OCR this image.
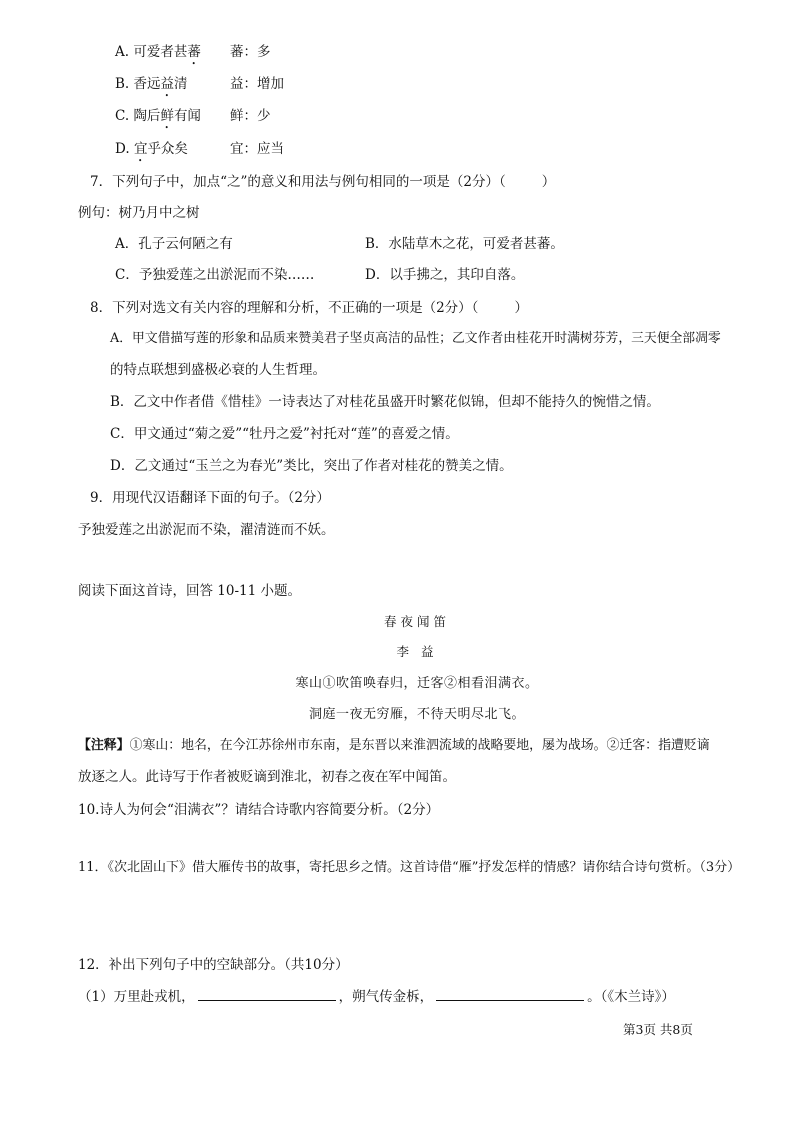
A. 可爱者甚蕃 蕃：多
B. 香远益清	益：增加
C. 陶后鲜有闻 鲜：少
D. 宜乎众矣	宜：应当
7．下列句子中，加点“之”的意义和用法与例句相同的一项是（2分）（	）
例句：树乃月中之树
A．孔子云何陋之有	B．水陆草木之花，可爱者甚蕃。
C．予独爱莲之出淤泥而不染……	D．以手拂之，其印自落。
8．下列对选文有关内容的理解和分析，不正确的一项是（2分）（	）
A．甲文借描写莲的形象和品质来赞美君子坚贞高洁的品性；乙文作者由桂花开时满树芬芳，三天便全部凋零
的特点联想到盛极必衰的人生哲理。
B．乙文中作者借《惜桂》一诗表达了对桂花虽盛开时繁花似锦，但却不能持久的惋惜之情。
C．甲文通过“菊之爱”“牡丹之爱”衬托对“莲”的喜爱之情。
D．乙文通过“玉兰之为春光”类比，突出了作者对桂花的赞美之情。
9．用现代汉语翻译下面的句子。（2分）
予独爱莲之出淤泥而不染，濯清涟而不妖。
阅读下面这首诗，回答 10-11 小题。
春夜闻笛
李 益
寒山①吹笛唤春归，迁客②相看泪满衣。
洞庭一夜无穷雁，不待天明尽北飞。
【注释】①寒山：地名，在今江苏徐州市东南，是东晋以来淮泗流域的战略要地，屡为战场。②迁客：指遭贬谪
放逐之人。此诗写于作者被贬谪到淮北，初春之夜在军中闻笛。
10.诗人为何会“泪满衣”？请结合诗歌内容简要分析。（2分）
11．《次北固山下》借大雁传书的故事，寄托思乡之情。这首诗借“雁”抒发怎样的情感？请你结合诗句赏析。（3分）
12．补出下列句子中的空缺部分。（共10分）
（1）万里赴戎机，	，朔气传金柝，	。（《木兰诗》）
第3页 共8页
